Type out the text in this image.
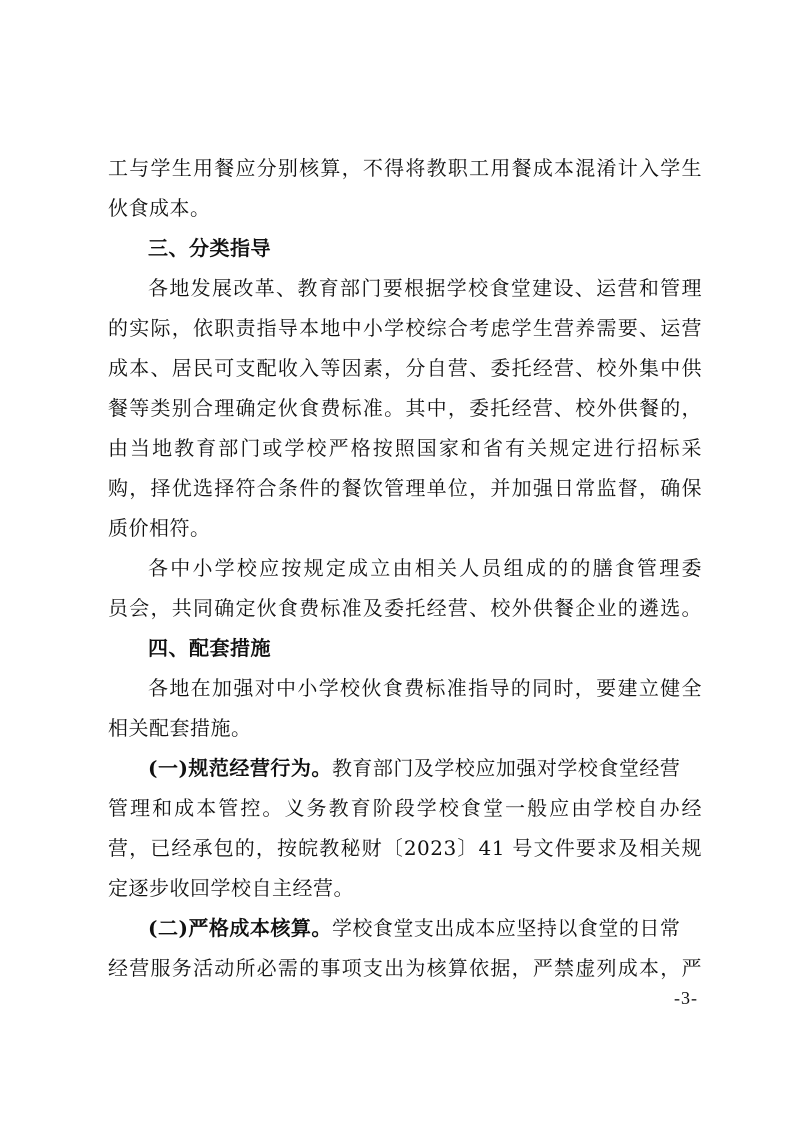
工与学生用餐应分别核算，不得将教职工用餐成本混淆计入学生
伙食成本。
三、分类指导
各地发展改革、教育部门要根据学校食堂建设、运营和管理
的实际，依职责指导本地中小学校综合考虑学生营养需要、运营
成本、居民可支配收入等因素，分自营、委托经营、校外集中供
餐等类别合理确定伙食费标准。其中，委托经营、校外供餐的，
由当地教育部门或学校严格按照国家和省有关规定进行招标采
购，择优选择符合条件的餐饮管理单位，并加强日常监督，确保
质价相符。
各中小学校应按规定成立由相关人员组成的的膳食管理委
员会，共同确定伙食费标准及委托经营、校外供餐企业的遴选。
四、配套措施
各地在加强对中小学校伙食费标准指导的同时，要建立健全
相关配套措施。
(一)规范经营行为。教育部门及学校应加强对学校食堂经营
管理和成本管控。义务教育阶段学校食堂一般应由学校自办经
营，已经承包的，按皖教秘财〔2023〕41 号文件要求及相关规
定逐步收回学校自主经营。
(二)严格成本核算。学校食堂支出成本应坚持以食堂的日常
经营服务活动所必需的事项支出为核算依据，严禁虚列成本，严
-3-
